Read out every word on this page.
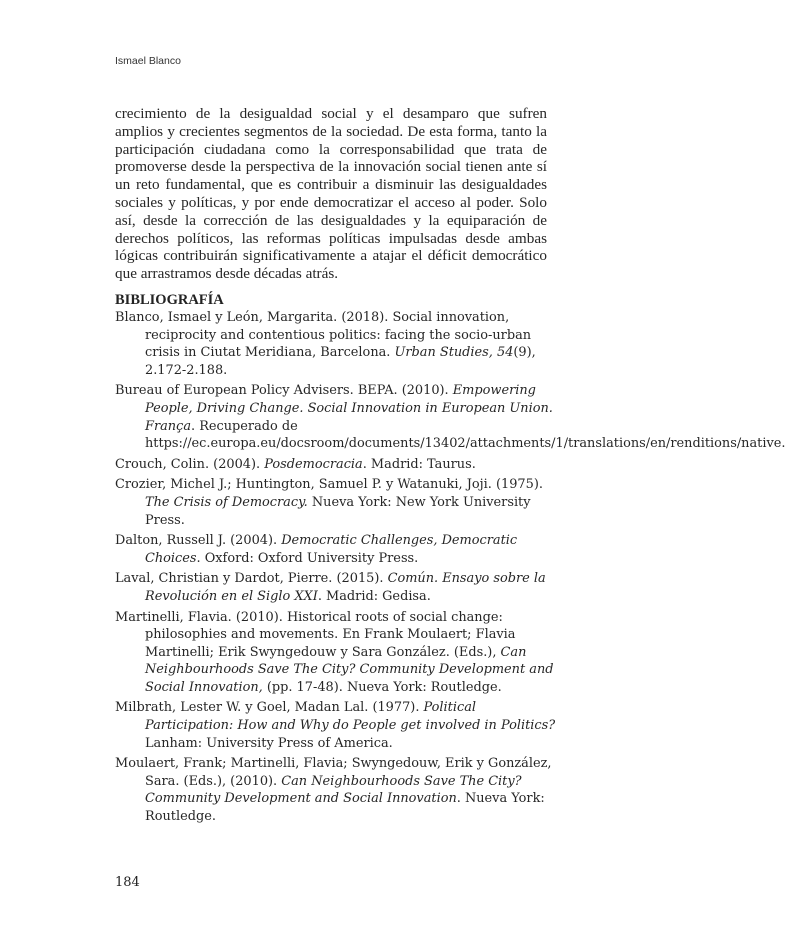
Ismael Blanco

crecimiento de la desigualdad social y el desamparo que sufren amplios y crecientes segmentos de la sociedad. De esta forma, tanto la participación ciudadana como la corresponsabilidad que trata de promoverse desde la perspectiva de la innovación social tienen ante sí un reto fundamental, que es contribuir a disminuir las desigualdades sociales y políticas, y por ende democratizar el acceso al poder. Solo así, desde la corrección de las desigualdades y la equiparación de derechos políticos, las reformas políticas impulsadas desde ambas lógicas contribuirán significativamente a atajar el déficit democrático que arrastramos desde décadas atrás.

BIBLIOGRAFÍA
Blanco, Ismael y León, Margarita. (2018). Social innovation, reciprocity and contentious politics: facing the socio-urban crisis in Ciutat Meridiana, Barcelona. Urban Studies, 54(9), 2.172-2.188.
Bureau of European Policy Advisers. BEPA. (2010). Empowering People, Driving Change. Social Innovation in European Union. França. Recuperado de https://ec.europa.eu/docsroom/documents/13402/attachments/1/translations/en/renditions/native.
Crouch, Colin. (2004). Posdemocracia. Madrid: Taurus.
Crozier, Michel J.; Huntington, Samuel P. y Watanuki, Joji. (1975). The Crisis of Democracy. Nueva York: New York University Press.
Dalton, Russell J. (2004). Democratic Challenges, Democratic Choices. Oxford: Oxford University Press.
Laval, Christian y Dardot, Pierre. (2015). Común. Ensayo sobre la Revolución en el Siglo XXI. Madrid: Gedisa.
Martinelli, Flavia. (2010). Historical roots of social change: philosophies and movements. En Frank Moulaert; Flavia Martinelli; Erik Swyngedouw y Sara González. (Eds.), Can Neighbourhoods Save The City? Community Development and Social Innovation, (pp. 17-48). Nueva York: Routledge.
Milbrath, Lester W. y Goel, Madan Lal. (1977). Political Participation: How and Why do People get involved in Politics? Lanham: University Press of America.
Moulaert, Frank; Martinelli, Flavia; Swyngedouw, Erik y González, Sara. (Eds.), (2010). Can Neighbourhoods Save The City? Community Development and Social Innovation. Nueva York: Routledge.
184
